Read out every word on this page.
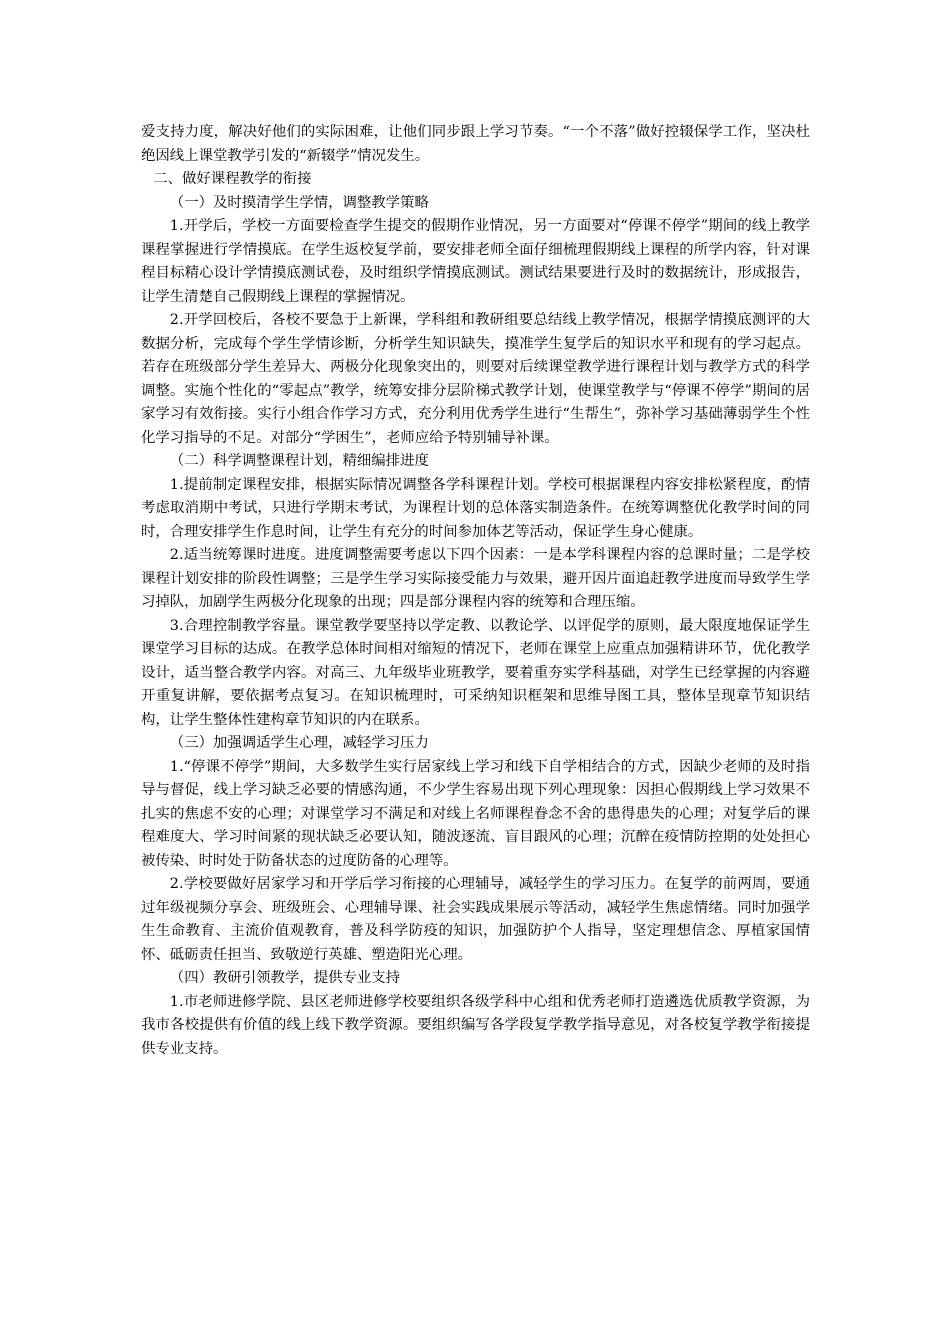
爱支持力度，解决好他们的实际困难，让他们同步跟上学习节奏。“一个不落”做好控辍保学工作，坚决杜绝因线上课堂教学引发的“新辍学”情况发生。

二、做好课程教学的衔接

（一）及时摸清学生学情，调整教学策略

1.开学后，学校一方面要检查学生提交的假期作业情况，另一方面要对“停课不停学”期间的线上教学课程掌握进行学情摸底。在学生返校复学前，要安排老师全面仔细梳理假期线上课程的所学内容，针对课程目标精心设计学情摸底测试卷，及时组织学情摸底测试。测试结果要进行及时的数据统计，形成报告，让学生清楚自己假期线上课程的掌握情况。

2.开学回校后，各校不要急于上新课，学科组和教研组要总结线上教学情况，根据学情摸底测评的大数据分析，完成每个学生学情诊断，分析学生知识缺失，摸准学生复学后的知识水平和现有的学习起点。若存在班级部分学生差异大、两极分化现象突出的，则要对后续课堂教学进行课程计划与教学方式的科学调整。实施个性化的“零起点”教学，统筹安排分层阶梯式教学计划，使课堂教学与“停课不停学”期间的居家学习有效衔接。实行小组合作学习方式，充分利用优秀学生进行“生帮生”，弥补学习基础薄弱学生个性化学习指导的不足。对部分“学困生”，老师应给予特别辅导补课。

（二）科学调整课程计划，精细编排进度

1.提前制定课程安排，根据实际情况调整各学科课程计划。学校可根据课程内容安排松紧程度，酌情考虑取消期中考试，只进行学期末考试，为课程计划的总体落实制造条件。在统筹调整优化教学时间的同时，合理安排学生作息时间，让学生有充分的时间参加体艺等活动，保证学生身心健康。

2.适当统筹课时进度。进度调整需要考虑以下四个因素：一是本学科课程内容的总课时量；二是学校课程计划安排的阶段性调整；三是学生学习实际接受能力与效果，避开因片面追赶教学进度而导致学生学习掉队，加剧学生两极分化现象的出现；四是部分课程内容的统筹和合理压缩。

3.合理控制教学容量。课堂教学要坚持以学定教、以教论学、以评促学的原则，最大限度地保证学生课堂学习目标的达成。在教学总体时间相对缩短的情况下，老师在课堂上应重点加强精讲环节，优化教学设计，适当整合教学内容。对高三、九年级毕业班教学，要着重夯实学科基础，对学生已经掌握的内容避开重复讲解，要依据考点复习。在知识梳理时，可采纳知识框架和思维导图工具，整体呈现章节知识结构，让学生整体性建构章节知识的内在联系。

（三）加强调适学生心理，减轻学习压力

1.“停课不停学”期间，大多数学生实行居家线上学习和线下自学相结合的方式，因缺少老师的及时指导与督促，线上学习缺乏必要的情感沟通，不少学生容易出现下列心理现象：因担心假期线上学习效果不扎实的焦虑不安的心理；对课堂学习不满足和对线上名师课程眷念不舍的患得患失的心理；对复学后的课程难度大、学习时间紧的现状缺乏必要认知，随波逐流、盲目跟风的心理；沉醉在疫情防控期的处处担心被传染、时时处于防备状态的过度防备的心理等。

2.学校要做好居家学习和开学后学习衔接的心理辅导，减轻学生的学习压力。在复学的前两周，要通过年级视频分享会、班级班会、心理辅导课、社会实践成果展示等活动，减轻学生焦虑情绪。同时加强学生生命教育、主流价值观教育，普及科学防疫的知识，加强防护个人指导，坚定理想信念、厚植家国情怀、砥砺责任担当、致敬逆行英雄、塑造阳光心理。

（四）教研引领教学，提供专业支持

1.市老师进修学院、县区老师进修学校要组织各级学科中心组和优秀老师打造遴选优质教学资源，为我市各校提供有价值的线上线下教学资源。要组织编写各学段复学教学指导意见，对各校复学教学衔接提供专业支持。
